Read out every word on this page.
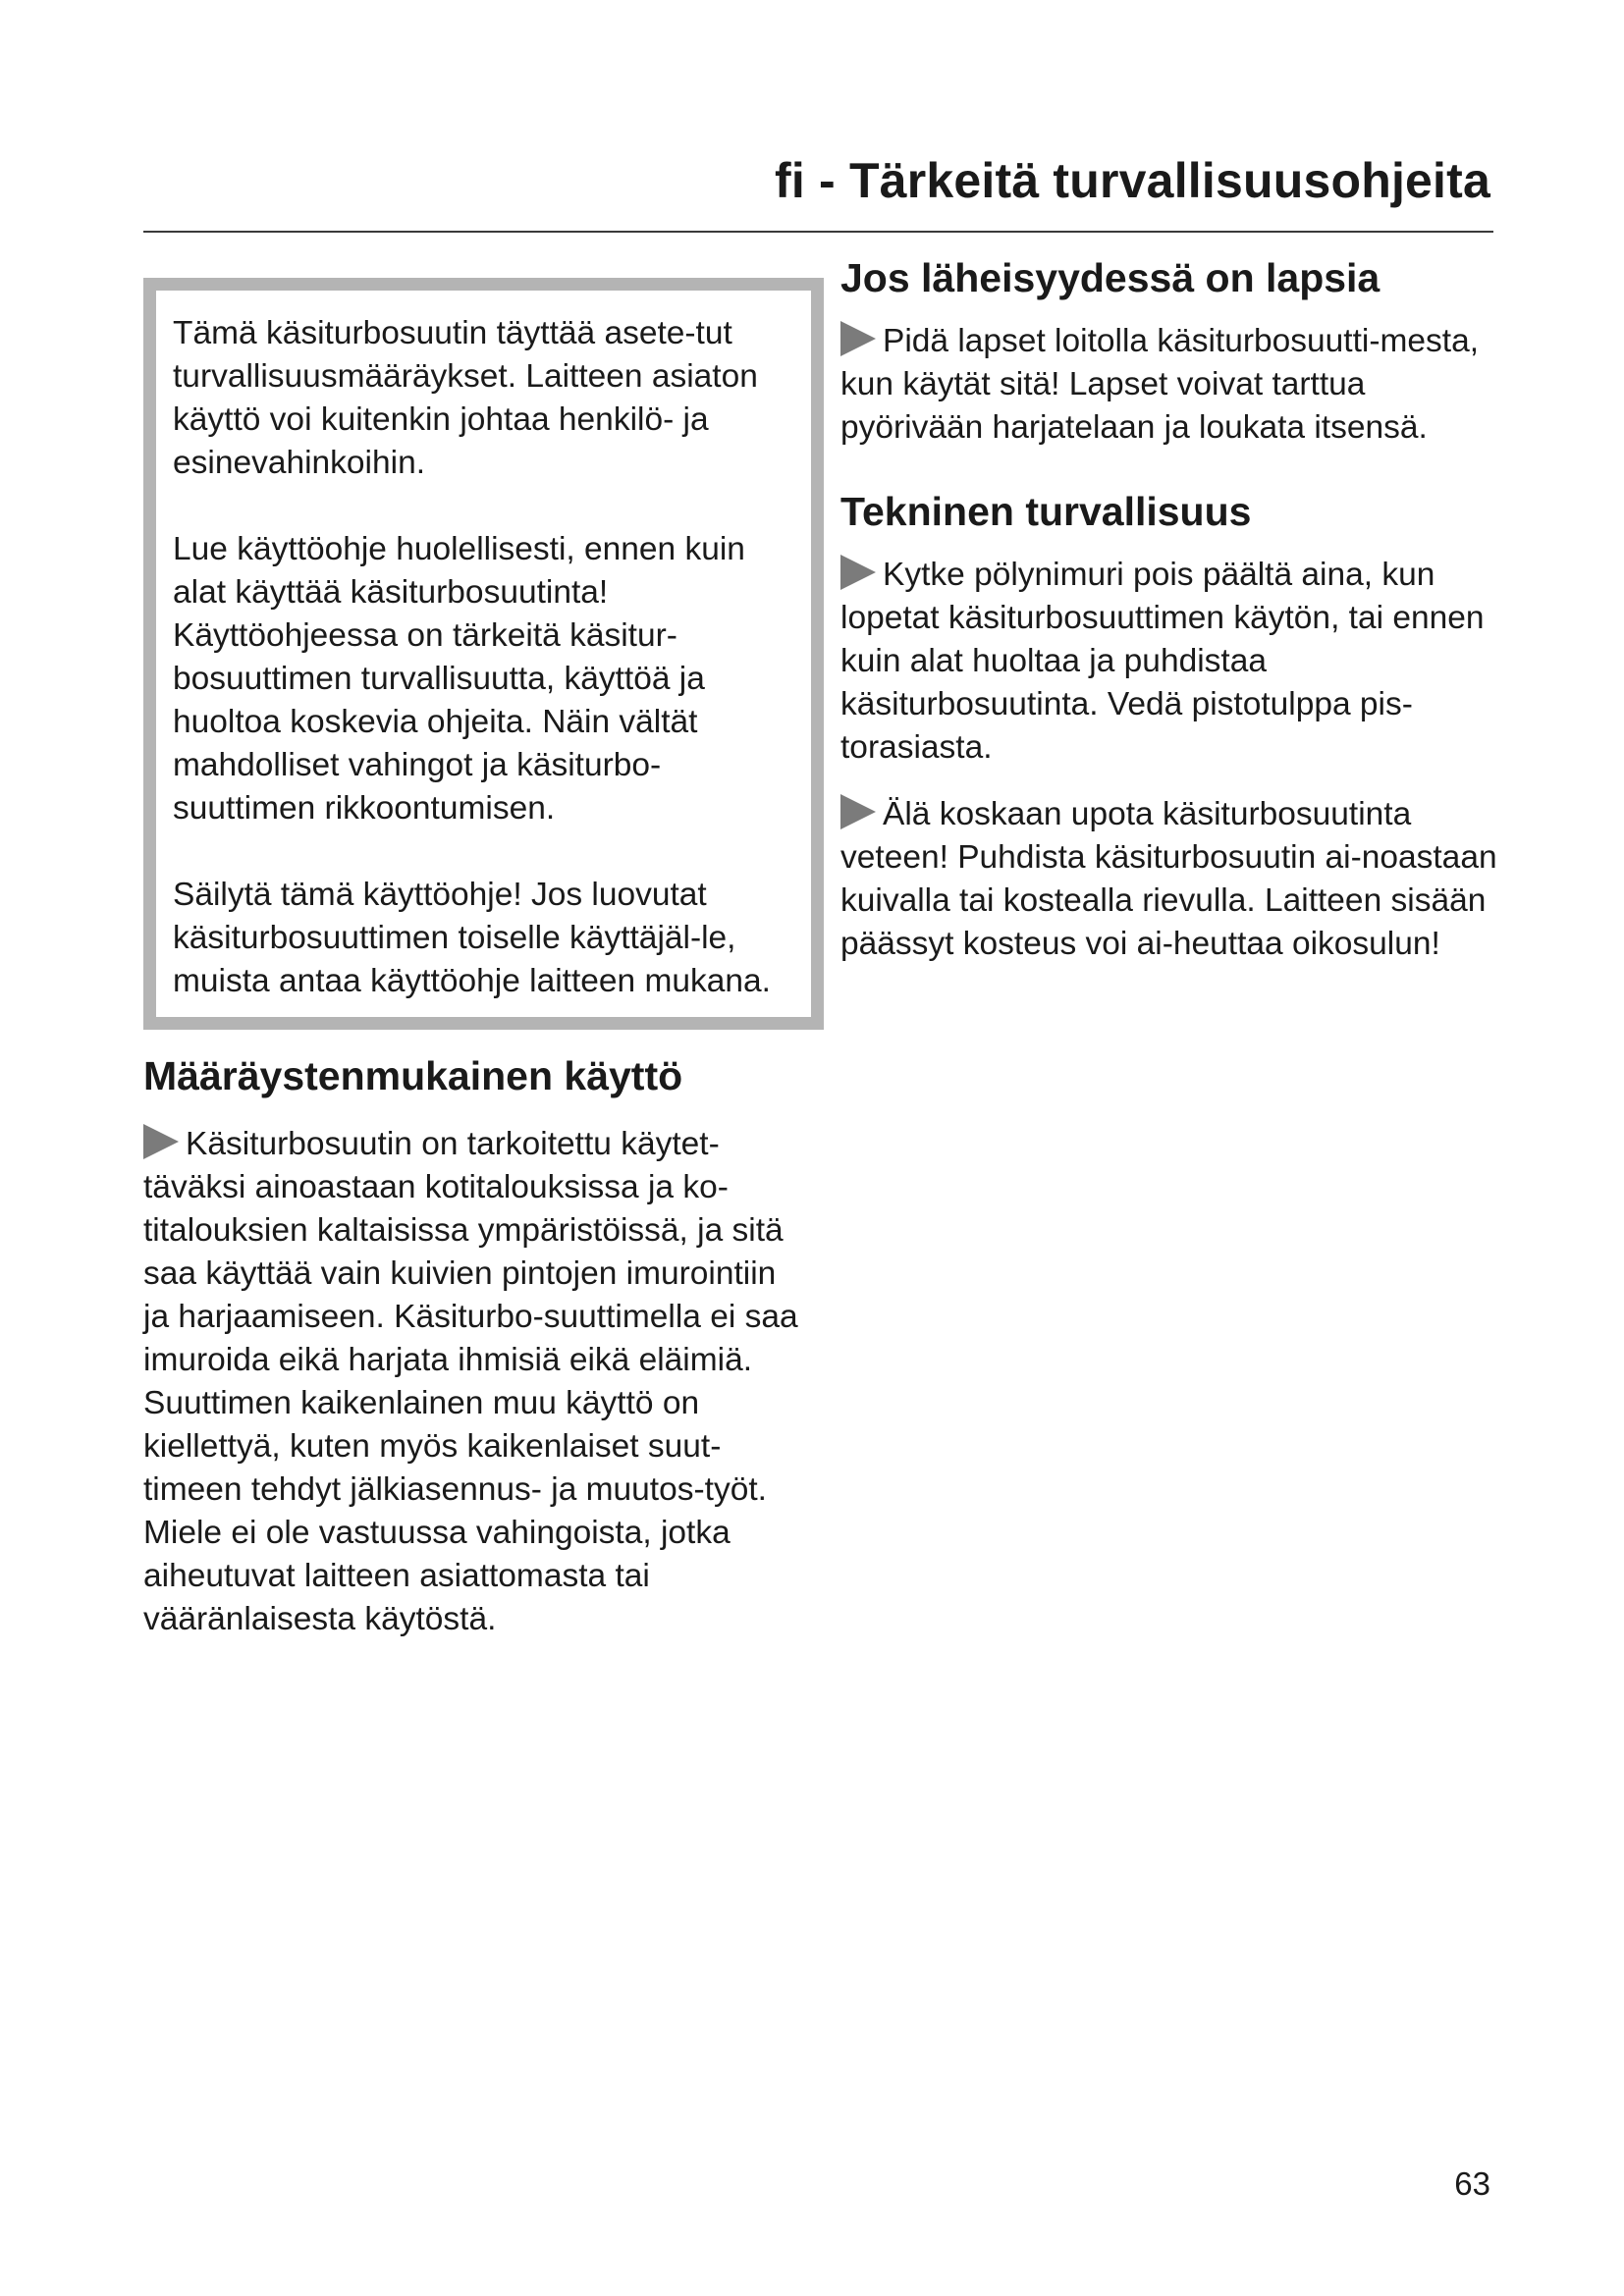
fi - Tärkeitä turvallisuusohjeita

Tämä käsiturbosuutin täyttää asete-tut turvallisuusmääräykset. Laitteen asiaton käyttö voi kuitenkin johtaa henkilö- ja esinevahinkoihin.

Lue käyttöohje huolellisesti, ennen kuin alat käyttää käsiturbosuutinta! Käyttöohjeessa on tärkeitä käsitur-bosuuttimen turvallisuutta, käyttöä ja huoltoa koskevia ohjeita. Näin vältät mahdolliset vahingot ja käsiturbo-suuttimen rikkoontumisen.

Säilytä tämä käyttöohje! Jos luovutat käsiturbosuuttimen toiselle käyttäjäl-le, muista antaa käyttöohje laitteen mukana.

Määräystenmukainen käyttö

Käsiturbosuutin on tarkoitettu käytet-täväksi ainoastaan kotitalouksissa ja ko-titalouksien kaltaisissa ympäristöissä, ja sitä saa käyttää vain kuivien pintojen imurointiin ja harjaamiseen. Käsiturbo-suuttimella ei saa imuroida eikä harjata ihmisiä eikä eläimiä.

Suuttimen kaikenlainen muu käyttö on kiellettyä, kuten myös kaikenlaiset suut-timeen tehdyt jälkiasennus- ja muutos-työt. Miele ei ole vastuussa vahingoista, jotka aiheutuvat laitteen asiattomasta tai vääränlaisesta käytöstä.

Jos läheisyydessä on lapsia

Pidä lapset loitolla käsiturbosuutti-mesta, kun käytät sitä! Lapset voivat tarttua pyörivään harjatelaan ja loukata itsensä.

Tekninen turvallisuus

Kytke pölynimuri pois päältä aina, kun lopetat käsiturbosuuttimen käytön, tai ennen kuin alat huoltaa ja puhdistaa käsiturbosuutinta. Vedä pistotulppa pis-torasiasta.

Älä koskaan upota käsiturbosuutinta veteen! Puhdista käsiturbosuutin ai-noastaan kuivalla tai kostealla rievulla. Laitteen sisään päässyt kosteus voi ai-heuttaa oikosulun!

63
